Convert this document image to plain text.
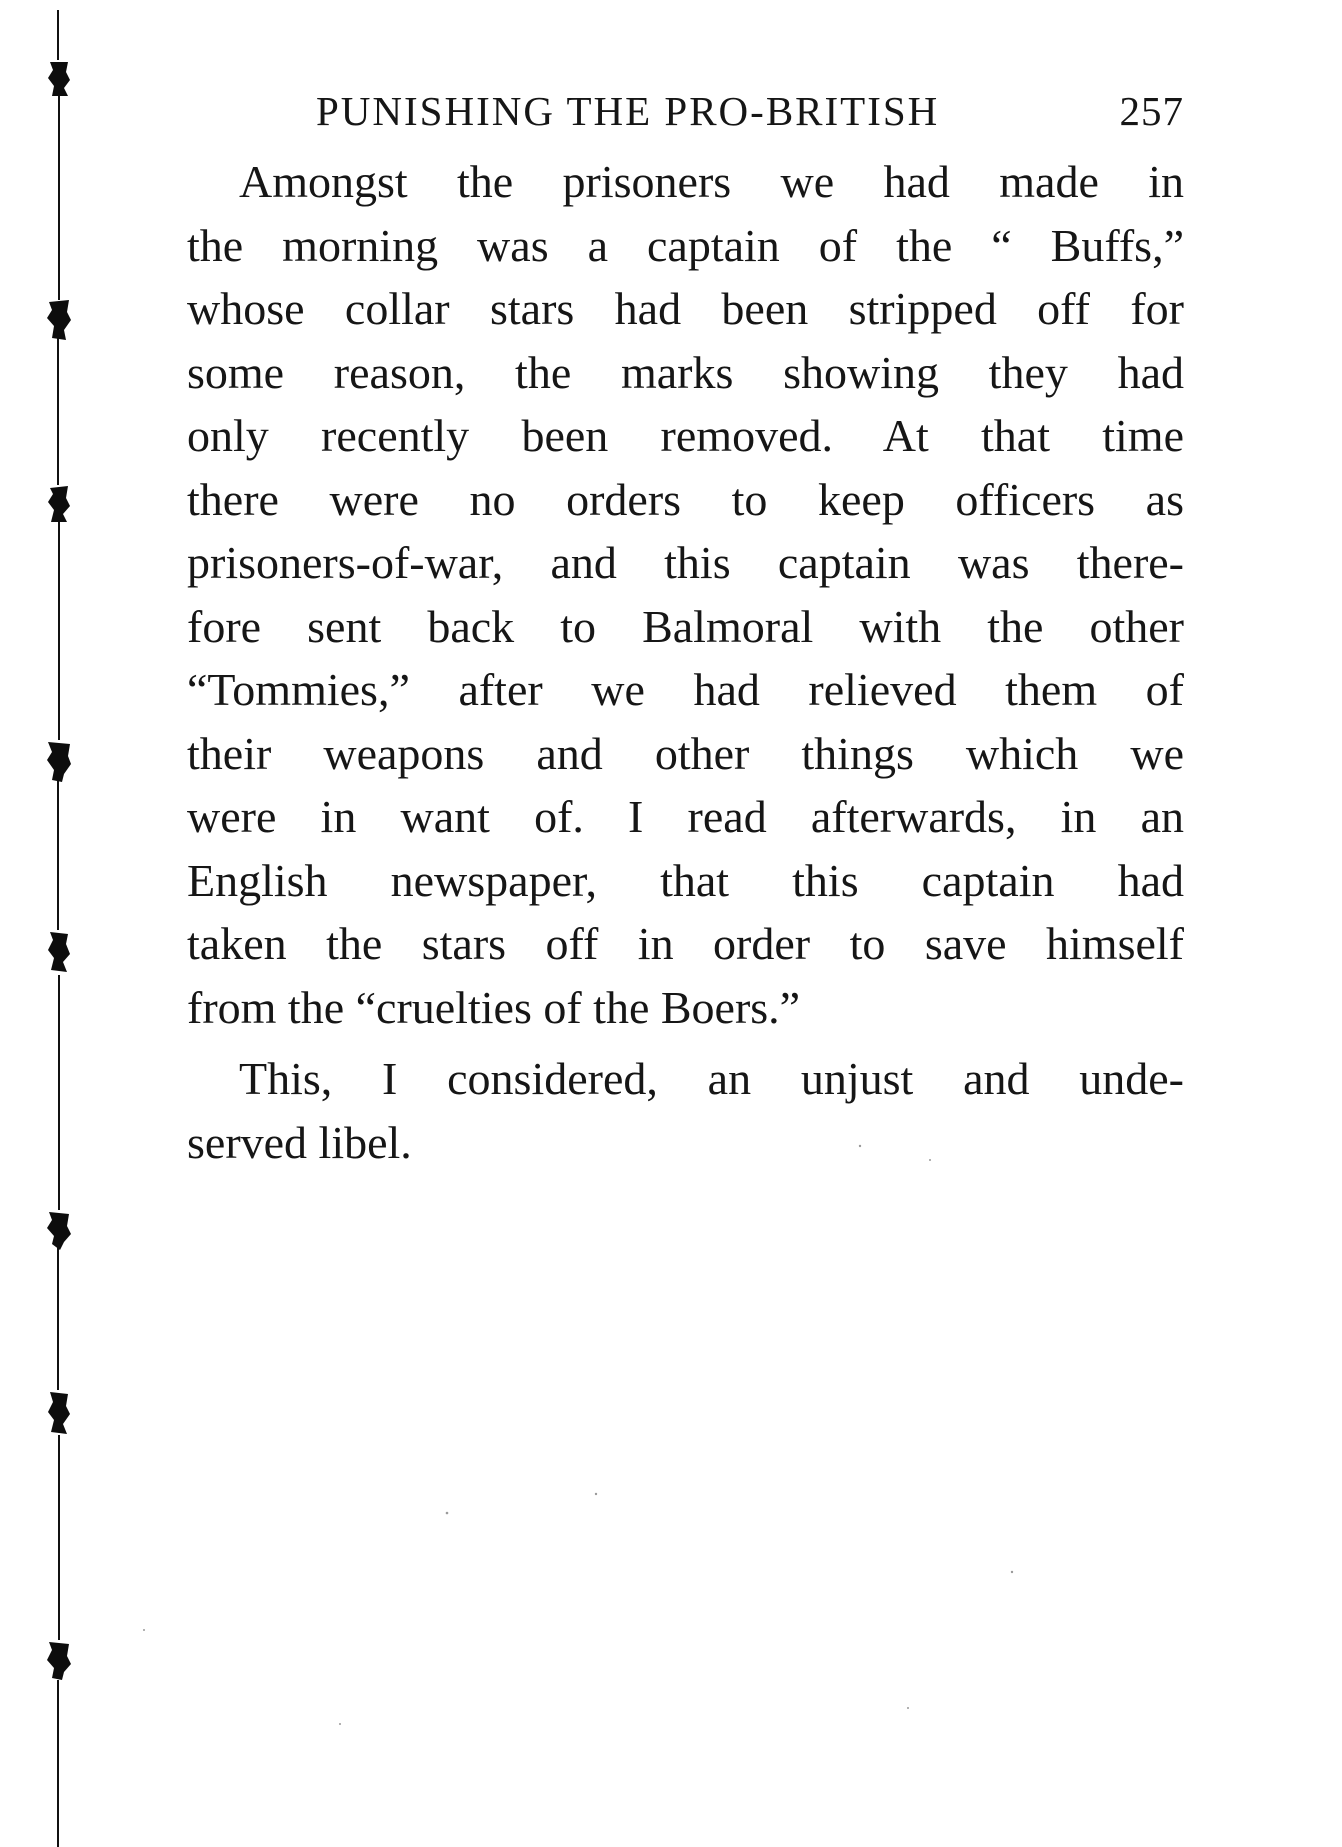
PUNISHING THE PRO-BRITISH	257
Amongst the prisoners we had made in
the morning was a captain of the “ Buffs,”
whose collar stars had been stripped off for
some reason, the marks showing they had
only recently been removed. At that time
there were no orders to keep officers as
prisoners-of-war, and this captain was there-
fore sent back to Balmoral with the other
“Tommies,” after we had relieved them of
their weapons and other things which we
were in want of. I read afterwards, in an
English newspaper, that this captain had
taken the stars off in order to save himself
from the “cruelties of the Boers.”
This, I considered, an unjust and unde-
served libel.
